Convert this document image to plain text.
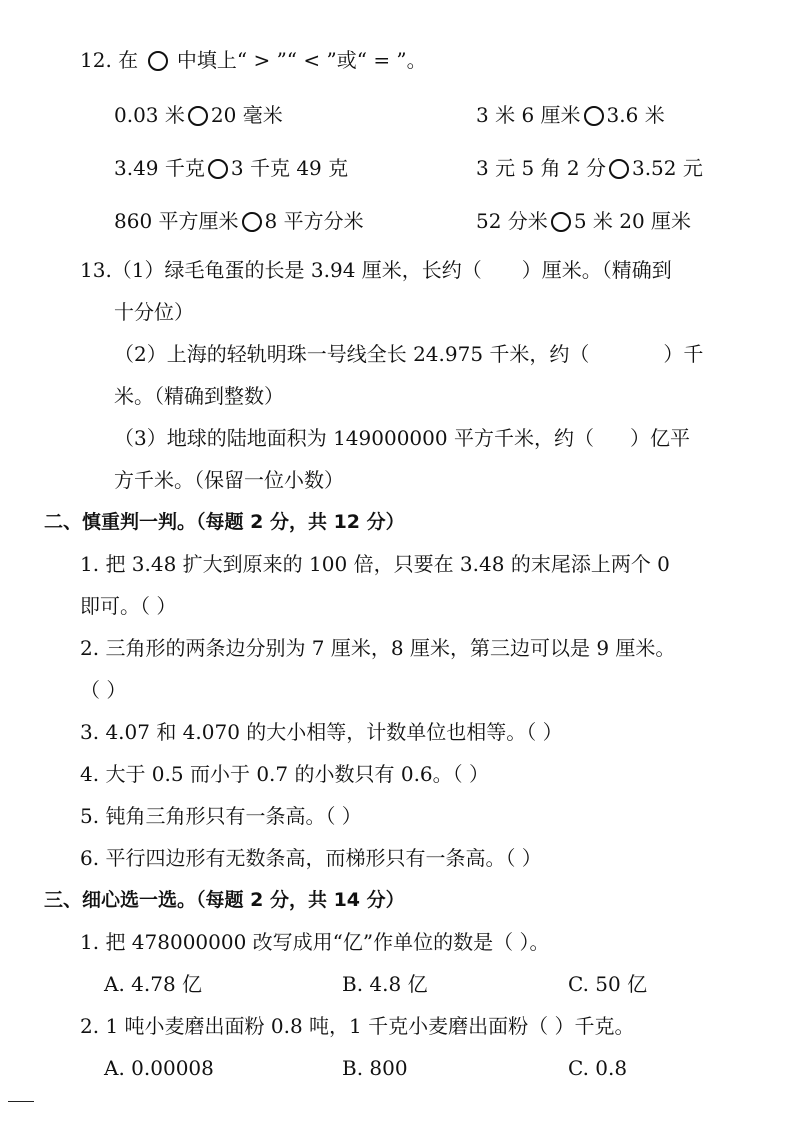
12. 在 中填上“ > ”“ < ”或“ = ”。
0.03 米 20 毫米	3 米 6 厘米 3.6 米
3.49 千克 3 千克 49 克	3 元 5 角 2 分 3.52 元
860 平方厘米 8 平方分米	52 分米 5 米 20 厘米
13.（1）绿毛龟蛋的长是 3.94 厘米，长约（ ）厘米。（精确到
十分位）
（2）上海的轻轨明珠一号线全长 24.975 千米，约（	）千
米。（精确到整数）
（3）地球的陆地面积为 149000000 平方千米，约（ ）亿平
方千米。（保留一位小数）
二、慎重判一判。（每题 2 分，共 12 分）
1. 把 3.48 扩大到原来的 100 倍，只要在 3.48 的末尾添上两个 0
即可。（ ）
2. 三角形的两条边分别为 7 厘米，8 厘米，第三边可以是 9 厘米。
（ ）
3. 4.07 和 4.070 的大小相等，计数单位也相等。（ ）
4. 大于 0.5 而小于 0.7 的小数只有 0.6。（ ）
5. 钝角三角形只有一条高。（ ）
6. 平行四边形有无数条高，而梯形只有一条高。（ ）
三、细心选一选。（每题 2 分，共 14 分）
1. 把 478000000 改写成用“亿”作单位的数是（ ）。
A. 4.78 亿	B. 4.8 亿	C. 50 亿
2. 1 吨小麦磨出面粉 0.8 吨，1 千克小麦磨出面粉（ ）千克。
A. 0.00008	B. 800	C. 0.8
